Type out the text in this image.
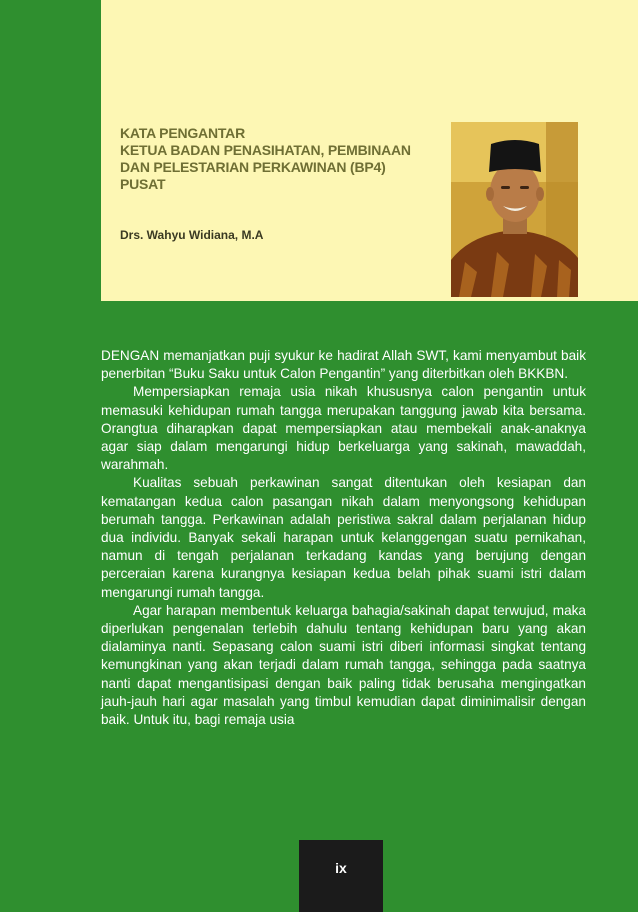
KATA PENGANTAR
KETUA BADAN PENASIHATAN, PEMBINAAN
DAN PELESTARIAN PERKAWINAN (BP4)
PUSAT
Drs. Wahyu Widiana, M.A

DENGAN memanjatkan puji syukur ke hadirat Allah SWT, kami menyambut baik penerbitan “Buku Saku untuk Calon Pengantin” yang diterbitkan oleh BKKBN.

Mempersiapkan remaja usia nikah khususnya calon pengantin untuk memasuki kehidupan rumah tangga merupakan tanggung jawab kita bersama. Orangtua diharapkan dapat mempersiapkan atau membekali anak-anaknya agar siap dalam mengarungi hidup berkeluarga yang sakinah, mawaddah, warahmah.

Kualitas sebuah perkawinan sangat ditentukan oleh kesiapan dan kematangan kedua calon pasangan nikah dalam menyongsong kehidupan berumah tangga. Perkawinan adalah peristiwa sakral dalam perjalanan hidup dua individu. Banyak sekali harapan untuk kelanggengan suatu pernikahan, namun di tengah perjalanan terkadang kandas yang berujung dengan perceraian karena kurangnya kesiapan kedua belah pihak suami istri dalam mengarungi rumah tangga.

Agar harapan membentuk keluarga bahagia/sakinah dapat terwujud, maka diperlukan pengenalan terlebih dahulu tentang kehidupan baru yang akan dialaminya nanti. Sepasang calon suami istri diberi informasi singkat tentang kemungkinan yang akan terjadi dalam rumah tangga, sehingga pada saatnya nanti dapat mengantisipasi dengan baik paling tidak berusaha mengingatkan jauh-jauh hari agar masalah yang timbul kemudian dapat diminimalisir dengan baik. Untuk itu, bagi remaja usia

ix
